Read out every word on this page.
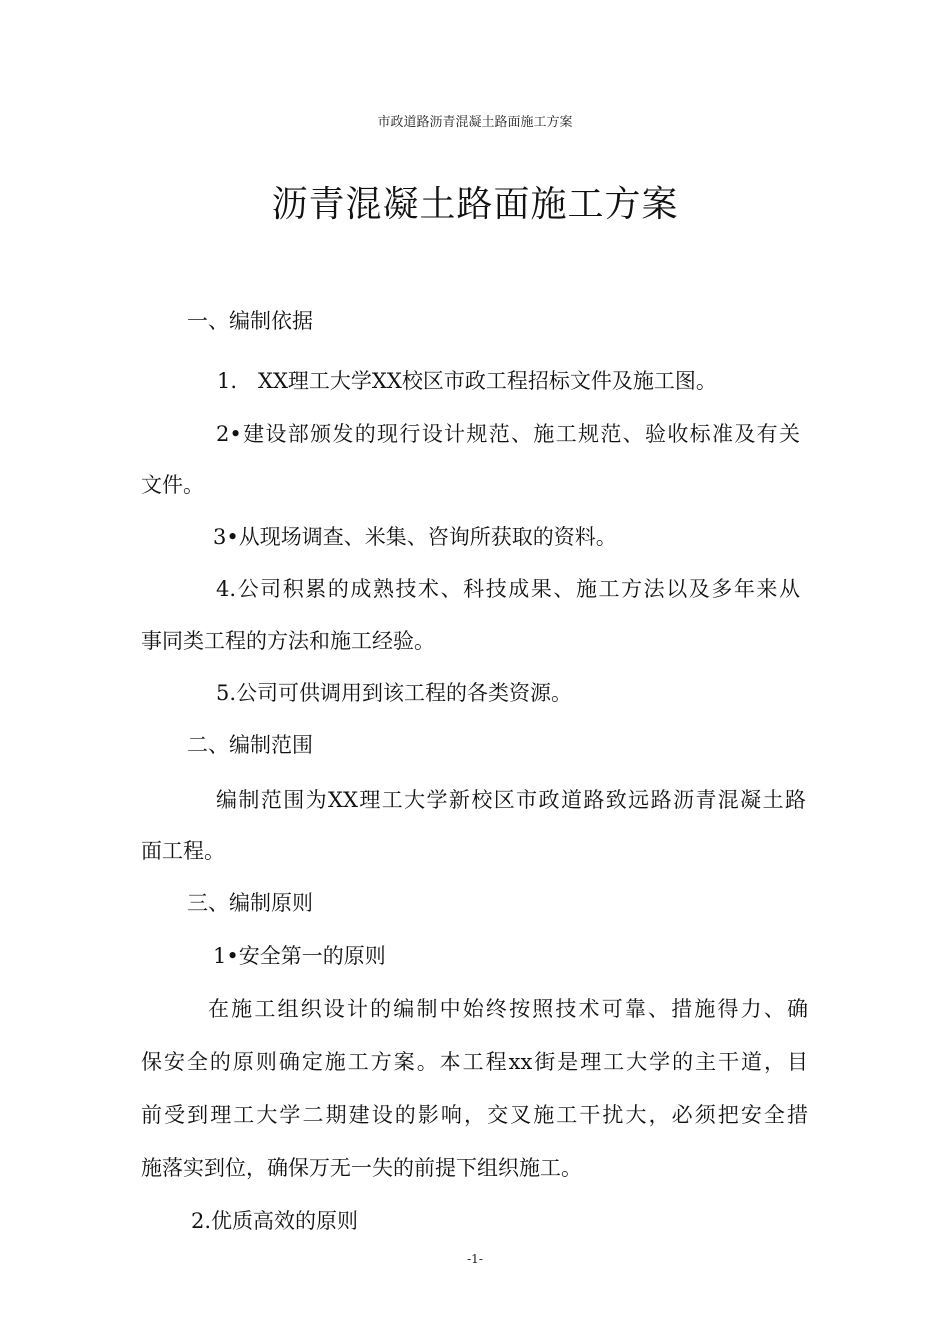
市政道路沥青混凝土路面施工方案
沥青混凝土路面施工方案
一、编制依据
1.　XX理工大学XX校区市政工程招标文件及施工图。
2•建设部颁发的现行设计规范、施工规范、验收标准及有关
文件。
3•从现场调查、米集、咨询所获取的资料。
4.公司积累的成熟技术、科技成果、施工方法以及多年来从
事同类工程的方法和施工经验。
5.公司可供调用到该工程的各类资源。
二、编制范围
编制范围为XX理工大学新校区市政道路致远路沥青混凝土路
面工程。
三、编制原则
1•安全第一的原则
在施工组织设计的编制中始终按照技术可靠、措施得力、确
保安全的原则确定施工方案。本工程xx街是理工大学的主干道，目
前受到理工大学二期建设的影响，交叉施工干扰大，必须把安全措
施落实到位，确保万无一失的前提下组织施工。
2.优质高效的原则
-1-
